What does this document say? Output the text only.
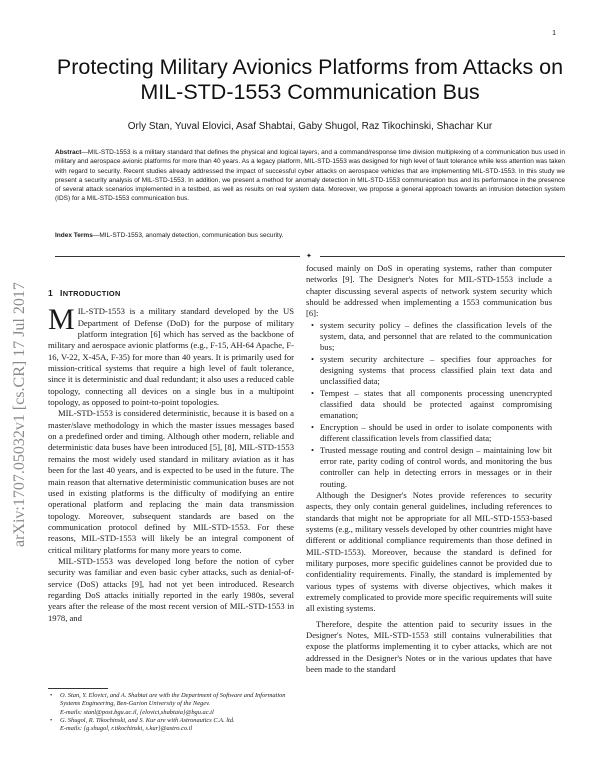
1
arXiv:1707.05032v1 [cs.CR] 17 Jul 2017
Protecting Military Avionics Platforms from Attacks on MIL-STD-1553 Communication Bus
Orly Stan, Yuval Elovici, Asaf Shabtai, Gaby Shugol, Raz Tikochinski, Shachar Kur
Abstract—MIL-STD-1553 is a military standard that defines the physical and logical layers, and a command/response time division multiplexing of a communication bus used in military and aerospace avionic platforms for more than 40 years. As a legacy platform, MIL-STD-1553 was designed for high level of fault tolerance while less attention was taken with regard to security. Recent studies already addressed the impact of successful cyber attacks on aerospace vehicles that are implementing MIL-STD-1553. In this study we present a security analysis of MIL-STD-1553. In addition, we present a method for anomaly detection in MIL-STD-1553 communication bus and its performance in the presence of several attack scenarios implemented in a testbed, as well as results on real system data. Moreover, we propose a general approach towards an intrusion detection system (IDS) for a MIL-STD-1553 communication bus.
Index Terms—MIL-STD-1553, anomaly detection, communication bus security.
✦
1 INTRODUCTION

MIL-STD-1553 is a military standard developed by the US Department of Defense (DoD) for the purpose of military platform integration [6] which has served as the backbone of military and aerospace avionic platforms (e.g., F-15, AH-64 Apache, F-16, V-22, X-45A, F-35) for more than 40 years. It is primarily used for mission-critical systems that require a high level of fault tolerance, since it is deterministic and dual redundant; it also uses a reduced cable topology, connecting all devices on a single bus in a multipoint topology, as opposed to point-to-point topologies.

MIL-STD-1553 is considered deterministic, because it is based on a master/slave methodology in which the master issues messages based on a predefined order and timing. Although other modern, reliable and deterministic data buses have been introduced [5], [8], MIL-STD-1553 remains the most widely used standard in military aviation as it has been for the last 40 years, and is expected to be used in the future. The main reason that alternative deterministic communication buses are not used in existing platforms is the difficulty of modifying an entire operational platform and replacing the main data transmission topology. Moreover, subsequent standards are based on the communication protocol defined by MIL-STD-1553. For these reasons, MIL-STD-1553 will likely be an integral component of critical military platforms for many more years to come.

MIL-STD-1553 was developed long before the notion of cyber security was familiar and even basic cyber attacks, such as denial-of-service (DoS) attacks [9], had not yet been introduced. Research regarding DoS attacks initially reported in the early 1980s, several years after the release of the most recent version of MIL-STD-1553 in 1978, and

• O. Stan, Y. Elovici, and A. Shabtai are with the Department of Software and Information Systems Engineering, Ben-Gurion University of the Negev.
E-mails: stanl@post.bgu.ac.il, {elovici,shabtaia}@bgu.ac.il
• G. Shugol, R. Tikochinski, and S. Kur are with Astronautics C.A. ltd.
E-mails: {g.shugol, r.tikochinski, s.kur}@astro.co.il

focused mainly on DoS in operating systems, rather than computer networks [9]. The Designer's Notes for MIL-STD-1553 include a chapter discussing several aspects of network system security which should be addressed when implementing a 1553 communication bus [6]:

• system security policy – defines the classification levels of the system, data, and personnel that are related to the communication bus;
• system security architecture – specifies four approaches for designing systems that process classified plain text data and unclassified data;
• Tempest – states that all components processing unencrypted classified data should be protected against compromising emanation;
• Encryption – should be used in order to isolate components with different classification levels from classified data;
• Trusted message routing and control design – maintaining low bit error rate, parity coding of control words, and monitoring the bus controller can help in detecting errors in messages or in their routing.

Although the Designer's Notes provide references to security aspects, they only contain general guidelines, including references to standards that might not be appropriate for all MIL-STD-1553-based systems (e.g., military vessels developed by other countries might have different or additional compliance requirements than those defined in MIL-STD-1553). Moreover, because the standard is defined for military purposes, more specific guidelines cannot be provided due to confidentiality requirements. Finally, the standard is implemented by various types of systems with diverse objectives, which makes it extremely complicated to provide more specific requirements will suite all existing systems.

Therefore, despite the attention paid to security issues in the Designer's Notes, MIL-STD-1553 still contains vulnerabilities that expose the platforms implementing it to cyber attacks, which are not addressed in the Designer's Notes or in the various updates that have been made to the standard
